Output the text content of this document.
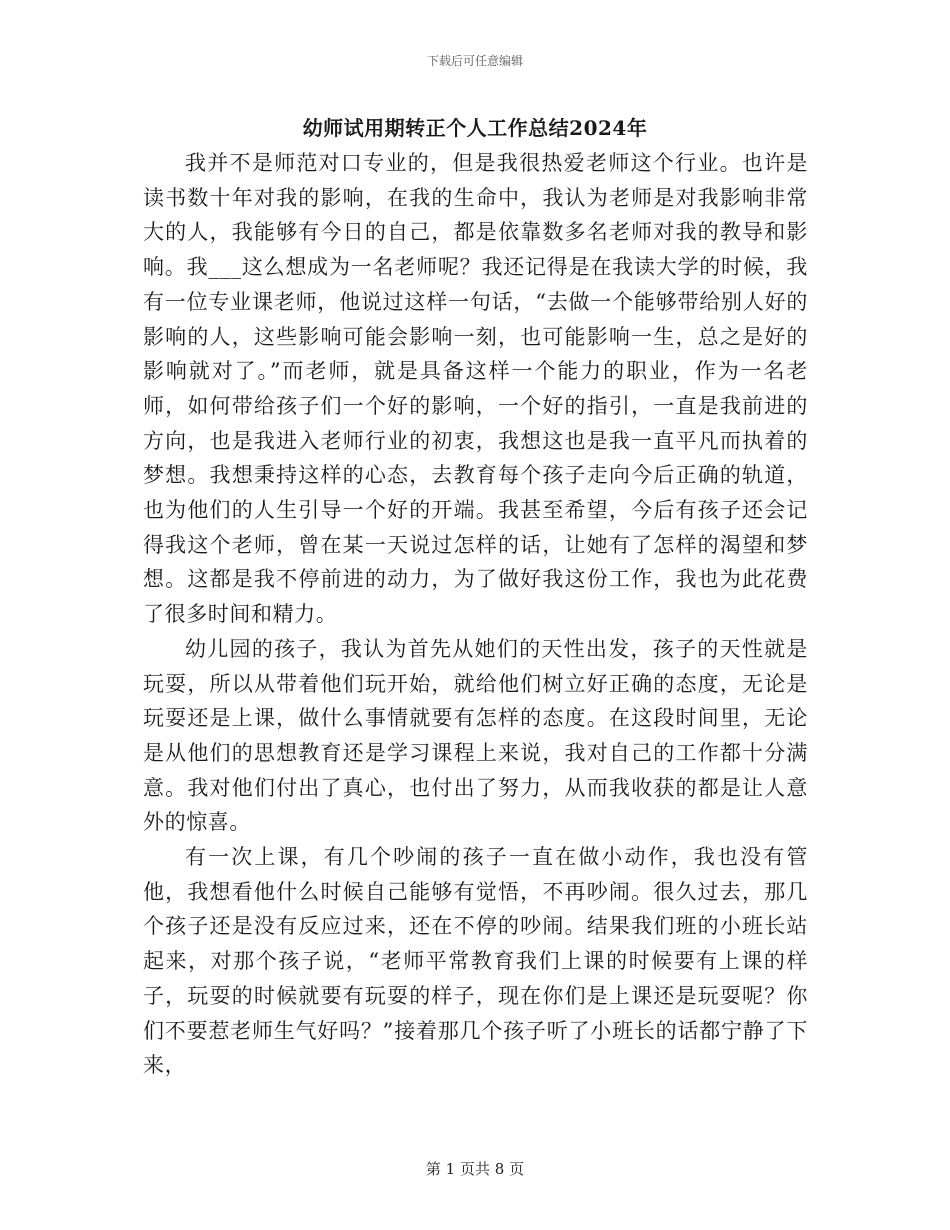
下载后可任意编辑
幼师试用期转正个人工作总结2024年

我并不是师范对口专业的，但是我很热爱老师这个行业。也许是读书数十年对我的影响，在我的生命中，我认为老师是对我影响非常大的人，我能够有今日的自己，都是依靠数多名老师对我的教导和影响。我___这么想成为一名老师呢？我还记得是在我读大学的时候，我有一位专业课老师，他说过这样一句话，“去做一个能够带给别人好的影响的人，这些影响可能会影响一刻，也可能影响一生，总之是好的影响就对了。”而老师，就是具备这样一个能力的职业，作为一名老师，如何带给孩子们一个好的影响，一个好的指引，一直是我前进的方向，也是我进入老师行业的初衷，我想这也是我一直平凡而执着的梦想。我想秉持这样的心态，去教育每个孩子走向今后正确的轨道，也为他们的人生引导一个好的开端。我甚至希望，今后有孩子还会记得我这个老师，曾在某一天说过怎样的话，让她有了怎样的渴望和梦想。这都是我不停前进的动力，为了做好我这份工作，我也为此花费了很多时间和精力。

幼儿园的孩子，我认为首先从她们的天性出发，孩子的天性就是玩耍，所以从带着他们玩开始，就给他们树立好正确的态度，无论是玩耍还是上课，做什么事情就要有怎样的态度。在这段时间里，无论是从他们的思想教育还是学习课程上来说，我对自己的工作都十分满意。我对他们付出了真心，也付出了努力，从而我收获的都是让人意外的惊喜。

有一次上课，有几个吵闹的孩子一直在做小动作，我也没有管他，我想看他什么时候自己能够有觉悟，不再吵闹。很久过去，那几个孩子还是没有反应过来，还在不停的吵闹。结果我们班的小班长站起来，对那个孩子说，“老师平常教育我们上课的时候要有上课的样子，玩耍的时候就要有玩耍的样子，现在你们是上课还是玩耍呢？你们不要惹老师生气好吗？”接着那几个孩子听了小班长的话都宁静了下来，

第 1 页共 8 页
